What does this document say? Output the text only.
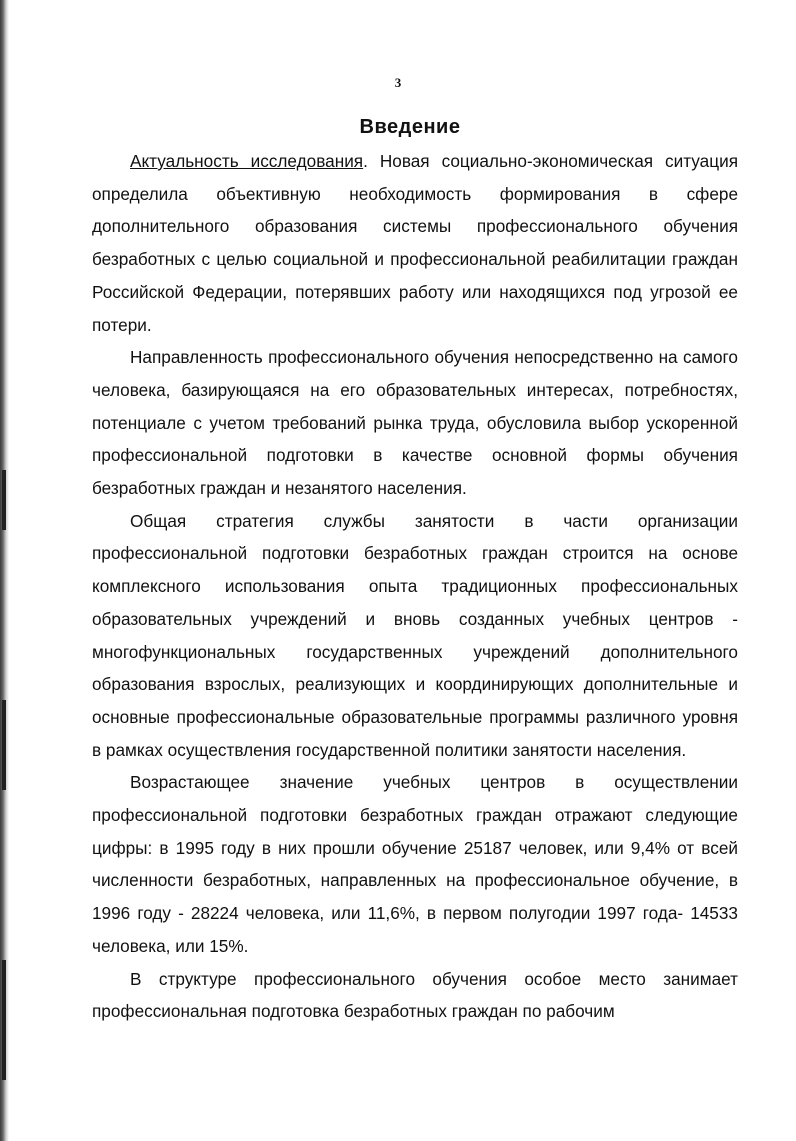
3
Введение

Актуальность исследования. Новая социально-экономическая ситуация определила объективную необходимость формирования в сфере дополнительного образования системы профессионального обучения безработных с целью социальной и профессиональной реабилитации граждан Российской Федерации, потерявших работу или находящихся под угрозой ее потери.

Направленность профессионального обучения непосредственно на самого человека, базирующаяся на его образовательных интересах, потребностях, потенциале с учетом требований рынка труда, обусловила выбор ускоренной профессиональной подготовки в качестве основной формы обучения безработных граждан и незанятого населения.

Общая стратегия службы занятости в части организации профессиональной подготовки безработных граждан строится на основе комплексного использования опыта традиционных профессиональных образовательных учреждений и вновь созданных учебных центров - многофункциональных государственных учреждений дополнительного образования взрослых, реализующих и координирующих дополнительные и основные профессиональные образовательные программы различного уровня в рамках осуществления государственной политики занятости населения.

Возрастающее значение учебных центров в осуществлении профессиональной подготовки безработных граждан отражают следующие цифры: в 1995 году в них прошли обучение 25187 человек, или 9,4% от всей численности безработных, направленных на профессиональное обучение, в 1996 году - 28224 человека, или 11,6%, в первом полугодии 1997 года- 14533 человека, или 15%.

В структуре профессионального обучения особое место занимает профессиональная подготовка безработных граждан по рабочим
